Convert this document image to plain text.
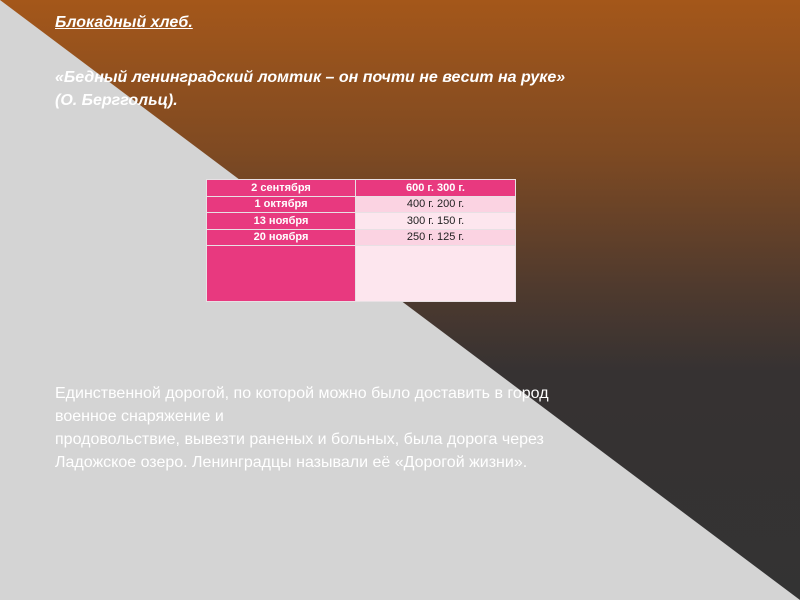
Блокадный хлеб.

«Бедный ленинградский ломтик – он почти не весит на руке»
(О. Берггольц).

2 сентября	600 г. 300 г.
1 октября	400 г. 200 г.
13 ноября	300 г. 150 г.
20 ноября	250 г. 125 г.

Единственной дорогой, по которой можно было доставить в город
военное снаряжение и
продовольствие, вывезти раненых и больных, была дорога через
Ладожское озеро. Ленинградцы называли её «Дорогой жизни».
